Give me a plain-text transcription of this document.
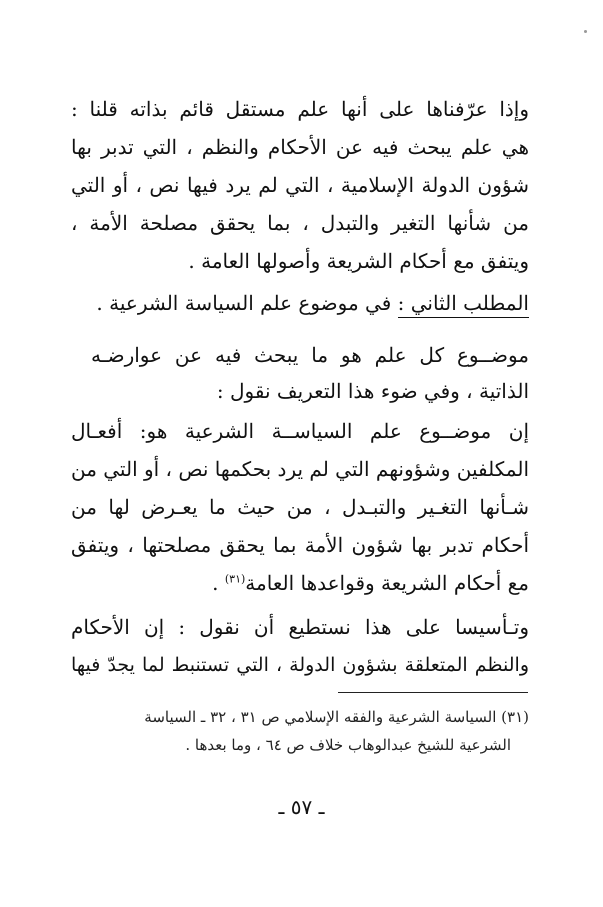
وإذا عرّفناها على أنها علم مستقل قائم بذاته قلنا :
هي علم يبحث فيه عن الأحكام والنظم ، التي تدبر بها
شؤون الدولة الإسلامية ، التي لم يرد فيها نص ، أو التي
من شأنها التغير والتبدل ، بما يحقق مصلحة الأمة ،
ويتفق مع أحكام الشريعة وأصولها العامة .
المطلب الثاني : في موضوع علم السياسة الشرعية .
موضــوع كل علم هو ما يبحث فيه عن عوارضـه
الذاتية ، وفي ضوء هذا التعريف نقول :
إن موضــوع علم السياســة الشرعية هو: أفعـال
المكلفين وشؤونهم التي لم يرد بحكمها نص ، أو التي من
شـأنها التغـير والتبـدل ، من حيث ما يعـرض لها من
أحكام تدبر بها شؤون الأمة بما يحقق مصلحتها ، ويتفق
مع أحكام الشريعة وقواعدها العامة$^{(٣١)}$ .
وتـأسيسا على هذا نستطيع أن نقول : إن الأحكام
والنظم المتعلقة بشؤون الدولة ، التي تستنبط لما يجدّ فيها
(٣١) السياسة الشرعية والفقه الإسلامي ص ٣١ ، ٣٢ ـ السياسة
الشرعية للشيخ عبدالوهاب خلاف ص ٦٤ ، وما بعدها .
ـ ٥٧ ـ
